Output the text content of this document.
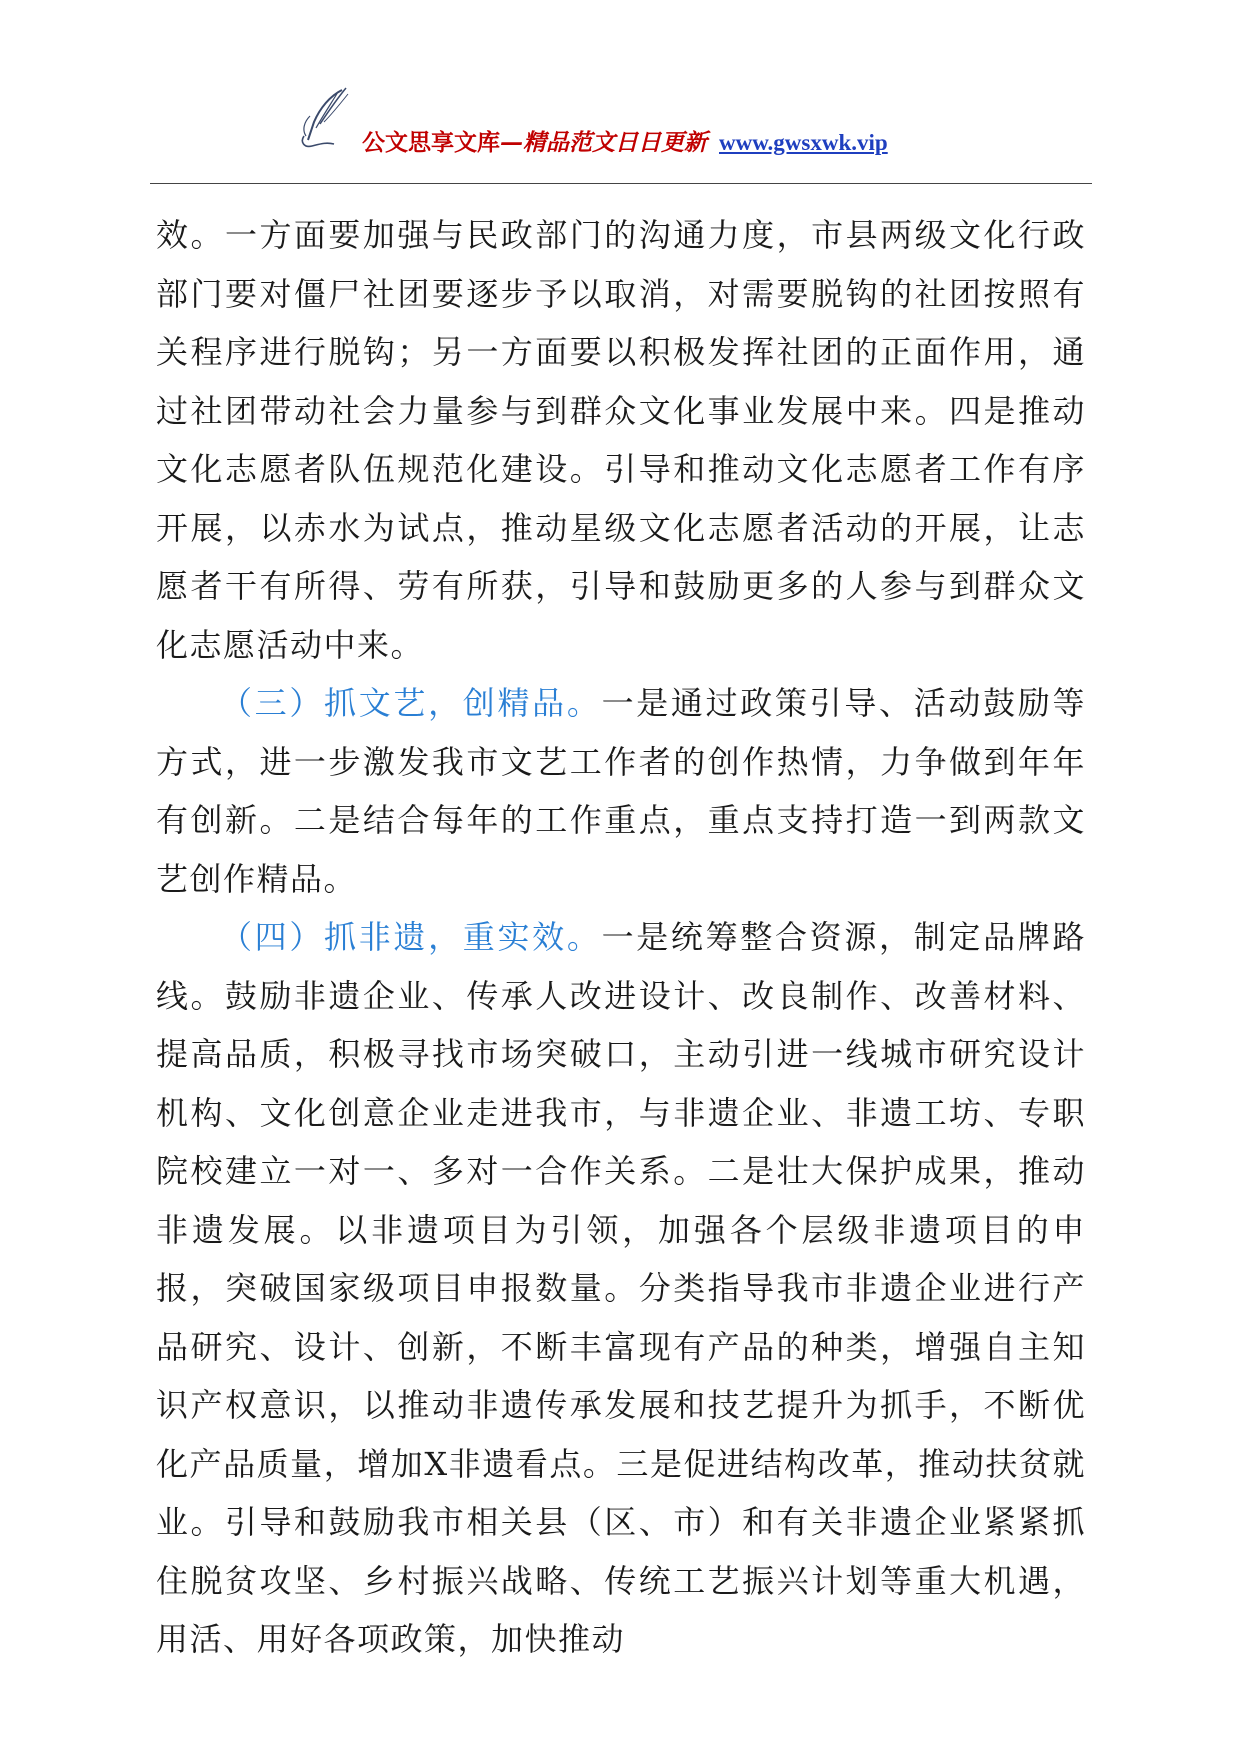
公文思享文库—精品范文日日更新 www.gwsxwk.vip

效。一方面要加强与民政部门的沟通力度，市县两级文化行政部门要对僵尸社团要逐步予以取消，对需要脱钩的社团按照有关程序进行脱钩；另一方面要以积极发挥社团的正面作用，通过社团带动社会力量参与到群众文化事业发展中来。四是推动文化志愿者队伍规范化建设。引导和推动文化志愿者工作有序开展，以赤水为试点，推动星级文化志愿者活动的开展，让志愿者干有所得、劳有所获，引导和鼓励更多的人参与到群众文化志愿活动中来。

（三）抓文艺，创精品。一是通过政策引导、活动鼓励等方式，进一步激发我市文艺工作者的创作热情，力争做到年年有创新。二是结合每年的工作重点，重点支持打造一到两款文艺创作精品。

（四）抓非遗，重实效。一是统筹整合资源，制定品牌路线。鼓励非遗企业、传承人改进设计、改良制作、改善材料、提高品质，积极寻找市场突破口，主动引进一线城市研究设计机构、文化创意企业走进我市，与非遗企业、非遗工坊、专职院校建立一对一、多对一合作关系。二是壮大保护成果，推动非遗发展。以非遗项目为引领，加强各个层级非遗项目的申报，突破国家级项目申报数量。分类指导我市非遗企业进行产品研究、设计、创新，不断丰富现有产品的种类，增强自主知识产权意识，以推动非遗传承发展和技艺提升为抓手，不断优化产品质量，增加X非遗看点。三是促进结构改革，推动扶贫就业。引导和鼓励我市相关县（区、市）和有关非遗企业紧紧抓住脱贫攻坚、乡村振兴战略、传统工艺振兴计划等重大机遇，用活、用好各项政策，加快推动
